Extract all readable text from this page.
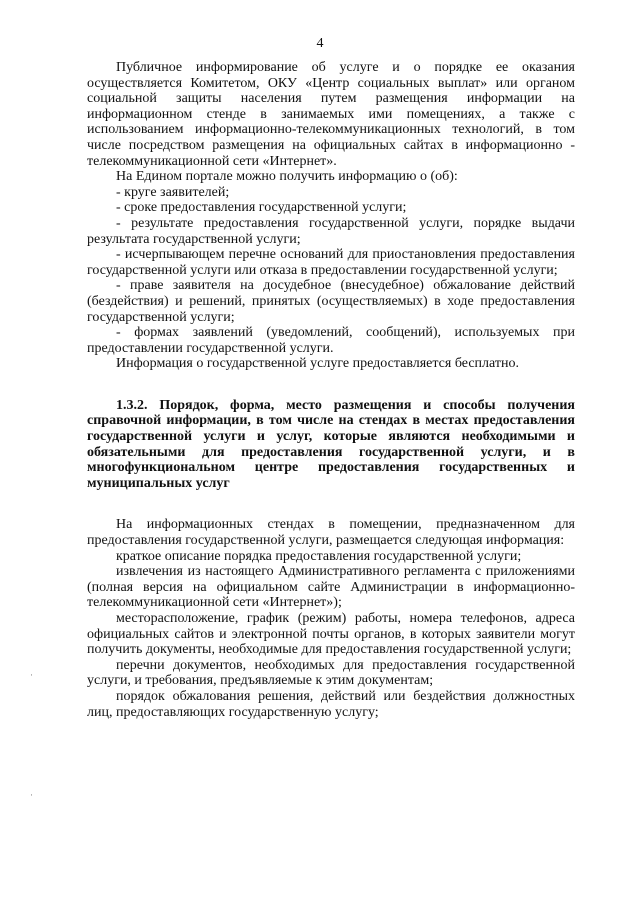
4

Публичное информирование об услуге и о порядке ее оказания осуществляется Комитетом, ОКУ «Центр социальных выплат» или органом социальной защиты населения путем размещения информации на информационном стенде в занимаемых ими помещениях, а также с использованием информационно-телекоммуникационных технологий, в том числе посредством размещения на официальных сайтах в информационно - телекоммуникационной сети «Интернет».

На Едином портале можно получить информацию о (об):

- круге заявителей;

- сроке предоставления государственной услуги;

- результате предоставления государственной услуги, порядке выдачи результата государственной услуги;

- исчерпывающем перечне оснований для приостановления предоставления государственной услуги или отказа в предоставлении государственной услуги;

- праве заявителя на досудебное (внесудебное) обжалование действий (бездействия) и решений, принятых (осуществляемых) в ходе предоставления государственной услуги;

- формах заявлений (уведомлений, сообщений), используемых при предоставлении государственной услуги.

Информация о государственной услуге предоставляется бесплатно.

1.3.2. Порядок, форма, место размещения и способы получения справочной информации, в том числе на стендах в местах предоставления государственной услуги и услуг, которые являются необходимыми и обязательными для предоставления государственной услуги, и в многофункциональном центре предоставления государственных и муниципальных услуг

На информационных стендах в помещении, предназначенном для предоставления государственной услуги, размещается следующая информация:

краткое описание порядка предоставления государственной услуги;

извлечения из настоящего Административного регламента с приложениями (полная версия на официальном сайте Администрации в информационно-телекоммуникационной сети «Интернет»);

месторасположение, график (режим) работы, номера телефонов, адреса официальных сайтов и электронной почты органов, в которых заявители могут получить документы, необходимые для предоставления государственной услуги;

перечни документов, необходимых для предоставления государственной услуги, и требования, предъявляемые к этим документам;

порядок обжалования решения, действий или бездействия должностных лиц, предоставляющих государственную услугу;

·
·
